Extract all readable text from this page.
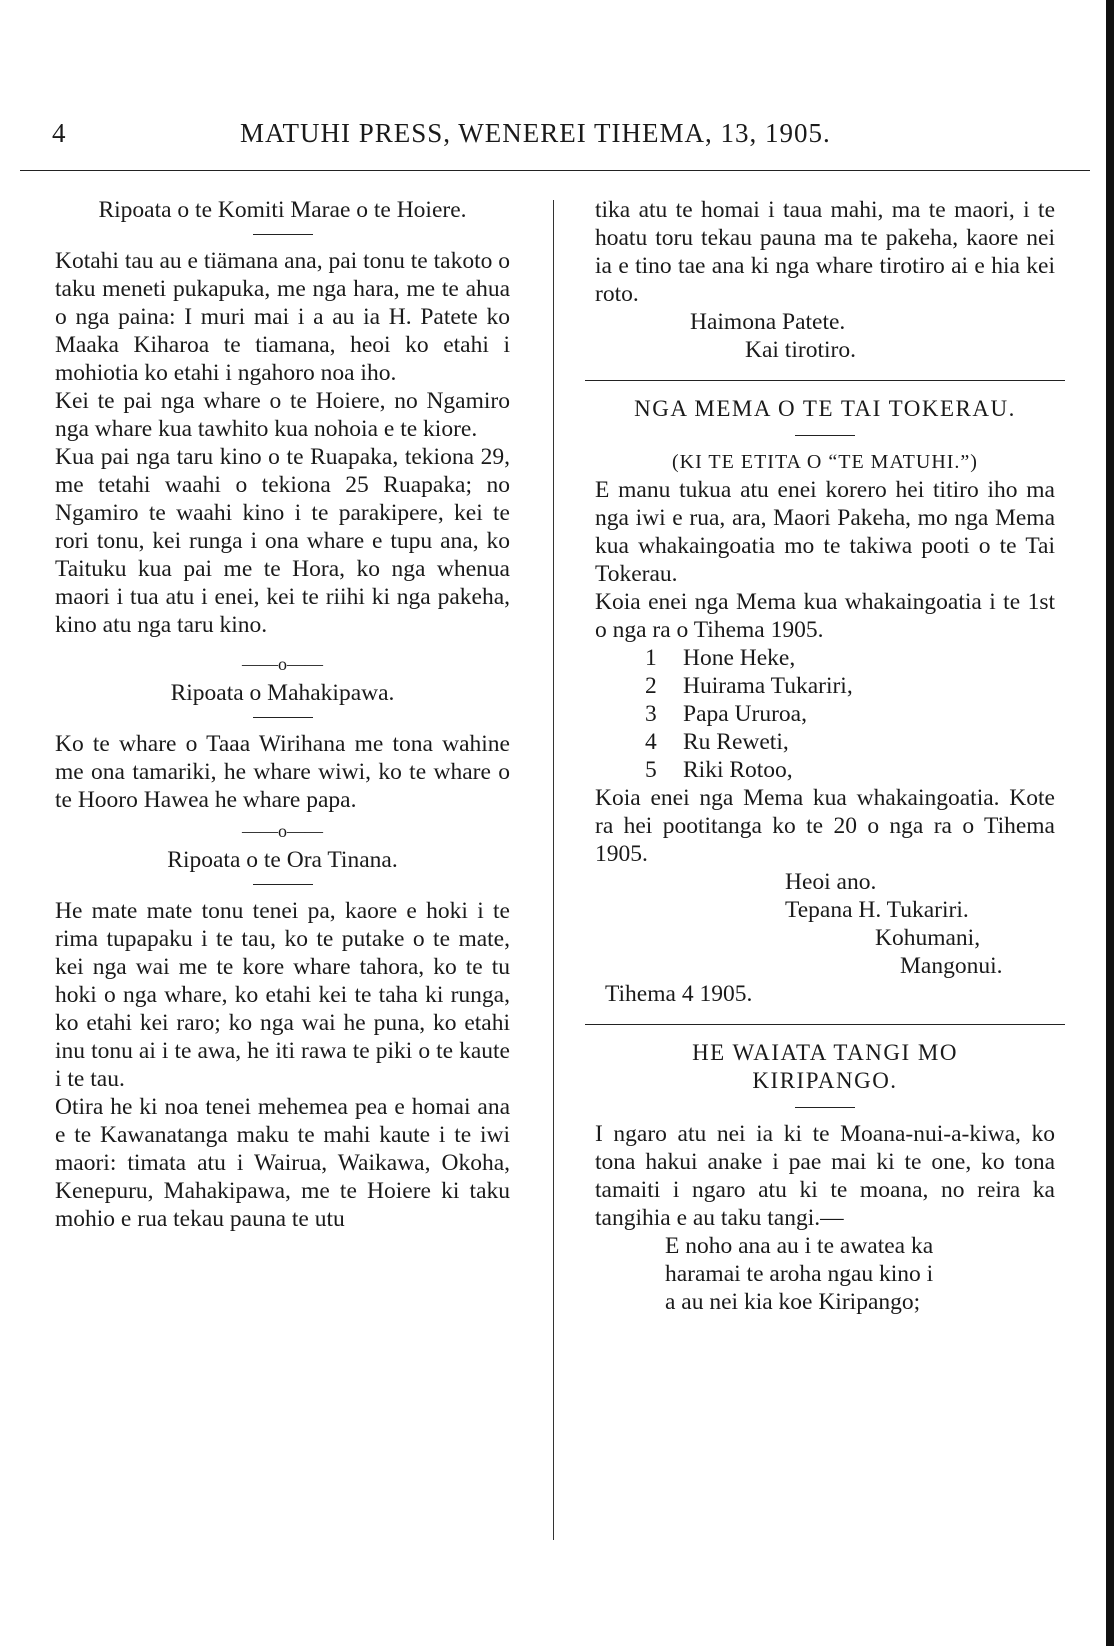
4	MATUHI PRESS, WENEREI TIHEMA, 13, 1905.

Ripoata o te Komiti Marae o te Hoiere.

Kotahi tau au e tiämana ana, pai tonu te takoto o taku meneti pukapuka, me nga hara, me te ahua o nga paina: I muri mai i a au ia H. Patete ko Maaka Kiharoa te tiamana, heoi ko etahi i mohiotia ko etahi i ngahoro noa iho.

Kei te pai nga whare o te Hoiere, no Ngamiro nga whare kua tawhito kua nohoia e te kiore.

Kua pai nga taru kino o te Ruapaka, tekiona 29, me tetahi waahi o tekiona 25 Ruapaka; no Ngamiro te waahi kino i te parakipere, kei te rori tonu, kei runga i ona whare e tupu ana, ko Taituku kua pai me te Hora, ko nga whenua maori i tua atu i enei, kei te riihi ki nga pakeha, kino atu nga taru kino.

——o——

Ripoata o Mahakipawa.

Ko te whare o Taaa Wirihana me tona wahine me ona tamariki, he whare wiwi, ko te whare o te Hooro Hawea he whare papa.

——o——

Ripoata o te Ora Tinana.

He mate mate tonu tenei pa, kaore e hoki i te rima tupapaku i te tau, ko te putake o te mate, kei nga wai me te kore whare tahora, ko te tu hoki o nga whare, ko etahi kei te taha ki runga, ko etahi kei raro; ko nga wai he puna, ko etahi inu tonu ai i te awa, he iti rawa te piki o te kaute i te tau.

Otira he ki noa tenei mehemea pea e homai ana e te Kawanatanga maku te mahi kaute i te iwi maori: timata atu i Wairua, Waikawa, Okoha, Kenepuru, Mahakipawa, me te Hoiere ki taku mohio e rua tekau pauna te utu

tika atu te homai i taua mahi, ma te maori, i te hoatu toru tekau pauna ma te pakeha, kaore nei ia e tino tae ana ki nga whare tirotiro ai e hia kei roto.

Haimona Patete.

Kai tirotiro.

NGA MEMA O TE TAI TOKERAU.

(KI TE ETITA O “TE MATUHI.”)

E manu tukua atu enei korero hei titiro iho ma nga iwi e rua, ara, Maori Pakeha, mo nga Mema kua whakaingoatia mo te takiwa pooti o te Tai Tokerau.

Koia enei nga Mema kua whakaingoatia i te 1st o nga ra o Tihema 1905.

1	Hone Heke,
2	Huirama Tukariri,
3	Papa Ururoa,
4	Ru Reweti,
5	Riki Rotoo,

Koia enei nga Mema kua whakaingoatia. Kote ra hei pootitanga ko te 20 o nga ra o Tihema 1905.

Heoi ano.

Tepana H. Tukariri.

Kohumani,

Mangonui.

Tihema 4 1905.

HE WAIATA TANGI MO KIRIPANGO.

I ngaro atu nei ia ki te Moana-nui-a-kiwa, ko tona hakui anake i pae mai ki te one, ko tona tamaiti i ngaro atu ki te moana, no reira ka tangihia e au taku tangi.—

E noho ana au i te awatea ka

haramai te aroha ngau kino i

a au nei kia koe Kiripango;
